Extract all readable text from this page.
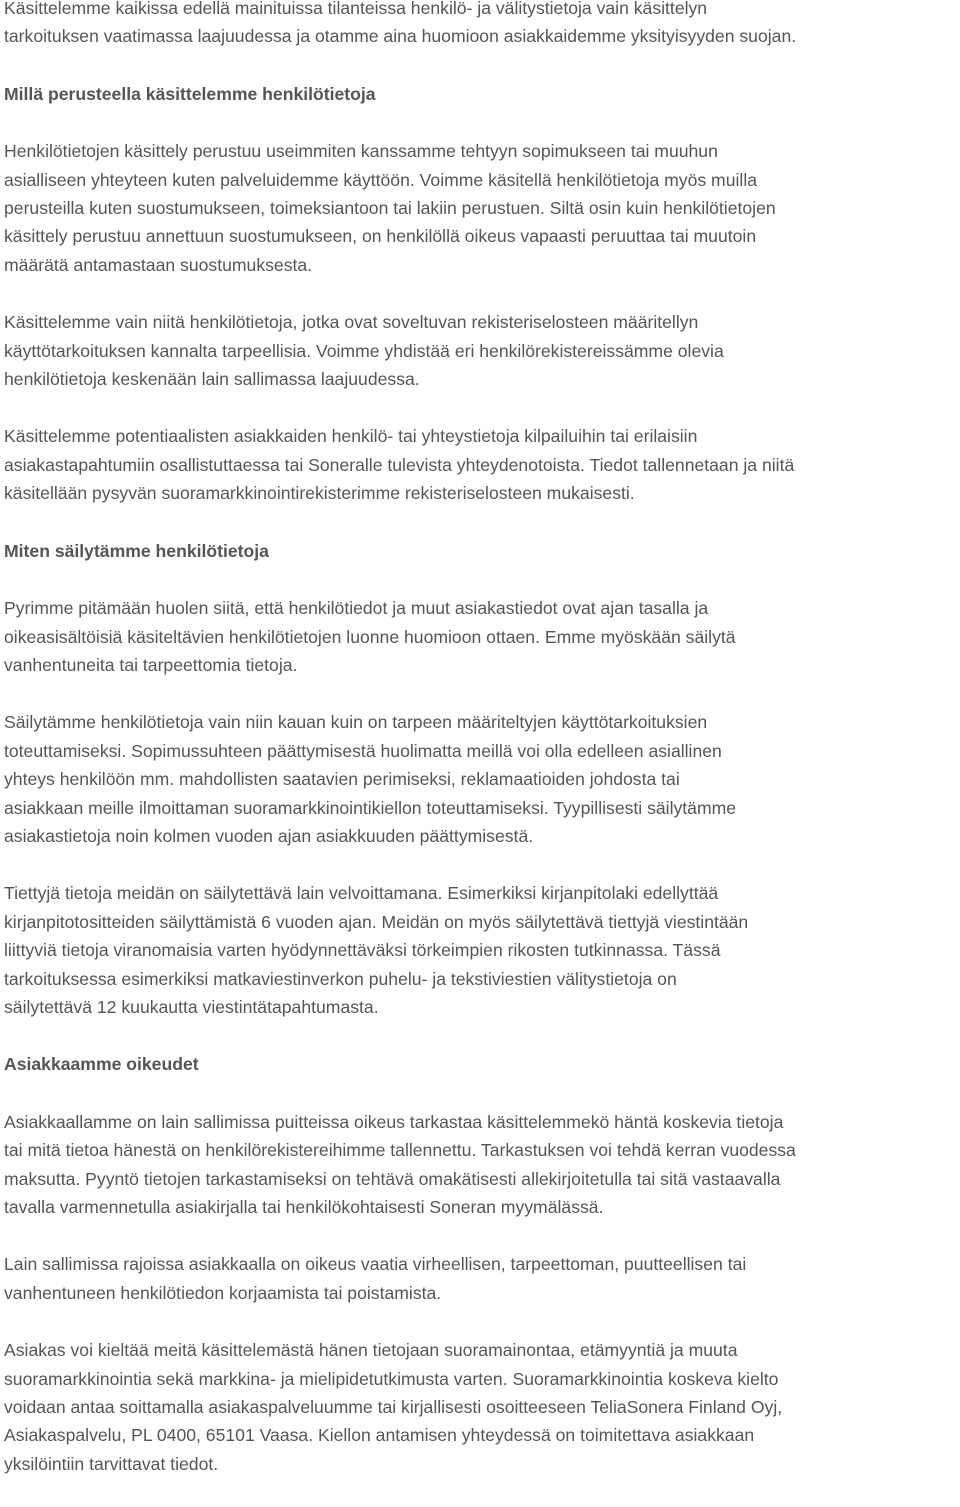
Käsittelemme kaikissa edellä mainituissa tilanteissa henkilö- ja välitystietoja vain käsittelyn
tarkoituksen vaatimassa laajuudessa ja otamme aina huomioon asiakkaidemme yksityisyyden suojan.
Millä perusteella käsittelemme henkilötietoja
Henkilötietojen käsittely perustuu useimmiten kanssamme tehtyyn sopimukseen tai muuhun
asialliseen yhteyteen kuten palveluidemme käyttöön. Voimme käsitellä henkilötietoja myös muilla
perusteilla kuten suostumukseen, toimeksiantoon tai lakiin perustuen. Siltä osin kuin henkilötietojen
käsittely perustuu annettuun suostumukseen, on henkilöllä oikeus vapaasti peruuttaa tai muutoin
määrätä antamastaan suostumuksesta.
Käsittelemme vain niitä henkilötietoja, jotka ovat soveltuvan rekisteriselosteen määritellyn
käyttötarkoituksen kannalta tarpeellisia. Voimme yhdistää eri henkilörekistereissämme olevia
henkilötietoja keskenään lain sallimassa laajuudessa.
Käsittelemme potentiaalisten asiakkaiden henkilö- tai yhteystietoja kilpailuihin tai erilaisiin
asiakastapahtumiin osallistuttaessa tai Soneralle tulevista yhteydenotoista. Tiedot tallennetaan ja niitä
käsitellään pysyvän suoramarkkinointirekisterimme rekisteriselosteen mukaisesti.
Miten säilytämme henkilötietoja
Pyrimme pitämään huolen siitä, että henkilötiedot ja muut asiakastiedot ovat ajan tasalla ja
oikeasisältöisiä käsiteltävien henkilötietojen luonne huomioon ottaen. Emme myöskään säilytä
vanhentuneita tai tarpeettomia tietoja.
Säilytämme henkilötietoja vain niin kauan kuin on tarpeen määriteltyjen käyttötarkoituksien
toteuttamiseksi. Sopimussuhteen päättymisestä huolimatta meillä voi olla edelleen asiallinen
yhteys henkilöön mm. mahdollisten saatavien perimiseksi, reklamaatioiden johdosta tai
asiakkaan meille ilmoittaman suoramarkkinointikiellon toteuttamiseksi. Tyypillisesti säilytämme
asiakastietoja noin kolmen vuoden ajan asiakkuuden päättymisestä.
Tiettyjä tietoja meidän on säilytettävä lain velvoittamana. Esimerkiksi kirjanpitolaki edellyttää
kirjanpitotositteiden säilyttämistä 6 vuoden ajan. Meidän on myös säilytettävä tiettyjä viestintään
liittyviä tietoja viranomaisia varten hyödynnettäväksi törkeimpien rikosten tutkinnassa. Tässä
tarkoituksessa esimerkiksi matkaviestinverkon puhelu- ja tekstiviestien välitystietoja on
säilytettävä 12 kuukautta viestintätapahtumasta.
Asiakkaamme oikeudet
Asiakkaallamme on lain sallimissa puitteissa oikeus tarkastaa käsittelemmekö häntä koskevia tietoja
tai mitä tietoa hänestä on henkilörekistereihimme tallennettu. Tarkastuksen voi tehdä kerran vuodessa
maksutta. Pyyntö tietojen tarkastamiseksi on tehtävä omakätisesti allekirjoitetulla tai sitä vastaavalla
tavalla varmennetulla asiakirjalla tai henkilökohtaisesti Soneran myymälässä.
Lain sallimissa rajoissa asiakkaalla on oikeus vaatia virheellisen, tarpeettoman, puutteellisen tai
vanhentuneen henkilötiedon korjaamista tai poistamista.
Asiakas voi kieltää meitä käsittelemästä hänen tietojaan suoramainontaa, etämyyntiä ja muuta
suoramarkkinointia sekä markkina- ja mielipidetutkimusta varten. Suoramarkkinointia koskeva kielto
voidaan antaa soittamalla asiakaspalveluumme tai kirjallisesti osoitteeseen TeliaSonera Finland Oyj,
Asiakaspalvelu, PL 0400, 65101 Vaasa. Kiellon antamisen yhteydessä on toimitettava asiakkaan
yksilöintiin tarvittavat tiedot.
